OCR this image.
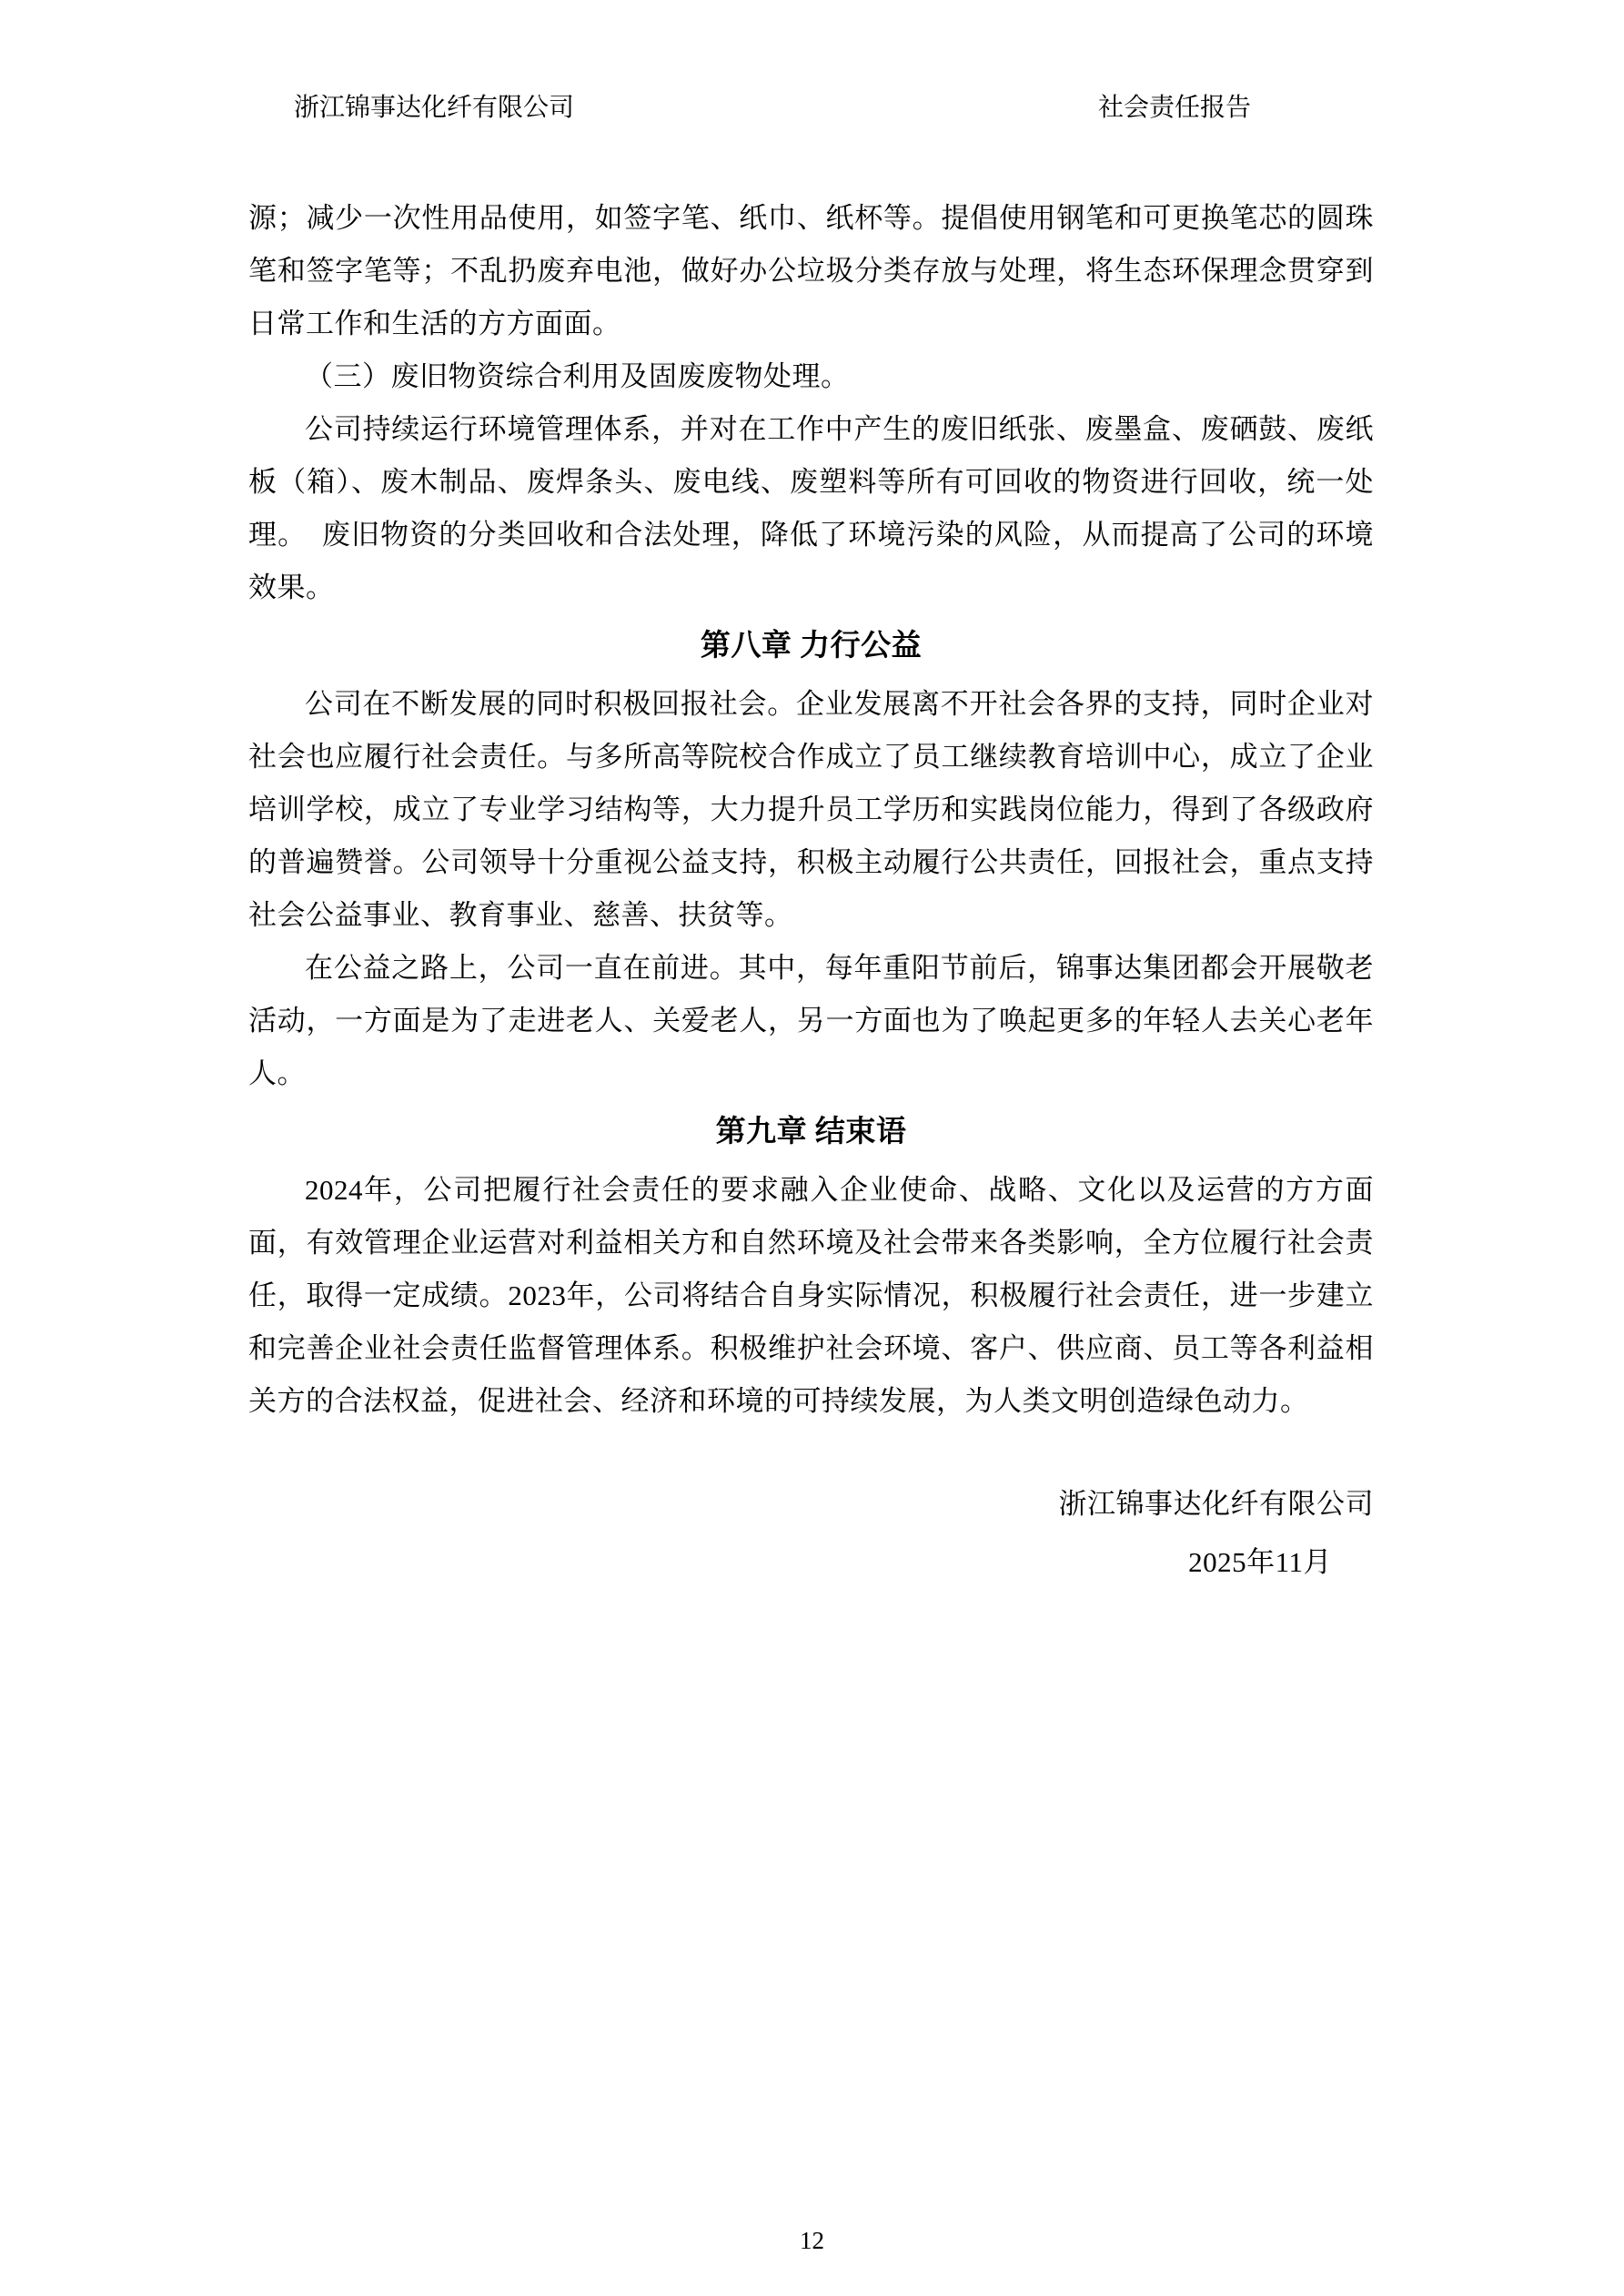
浙江锦事达化纤有限公司	社会责任报告

源；减少一次性用品使用，如签字笔、纸巾、纸杯等。提倡使用钢笔和可更换笔芯的圆珠笔和签字笔等；不乱扔废弃电池，做好办公垃圾分类存放与处理，将生态环保理念贯穿到日常工作和生活的方方面面。

（三）废旧物资综合利用及固废废物处理。

公司持续运行环境管理体系，并对在工作中产生的废旧纸张、废墨盒、废硒鼓、废纸板（箱）、废木制品、废焊条头、废电线、废塑料等所有可回收的物资进行回收，统一处理。　废旧物资的分类回收和合法处理，降低了环境污染的风险，从而提高了公司的环境效果。

第八章 力行公益

公司在不断发展的同时积极回报社会。企业发展离不开社会各界的支持，同时企业对社会也应履行社会责任。与多所高等院校合作成立了员工继续教育培训中心，成立了企业培训学校，成立了专业学习结构等，大力提升员工学历和实践岗位能力，得到了各级政府的普遍赞誉。公司领导十分重视公益支持，积极主动履行公共责任，回报社会，重点支持社会公益事业、教育事业、慈善、扶贫等。

在公益之路上，公司一直在前进。其中，每年重阳节前后，锦事达集团都会开展敬老活动，一方面是为了走进老人、关爱老人，另一方面也为了唤起更多的年轻人去关心老年人。

第九章 结束语

2024年，公司把履行社会责任的要求融入企业使命、战略、文化以及运营的方方面面，有效管理企业运营对利益相关方和自然环境及社会带来各类影响，全方位履行社会责任，取得一定成绩。2023年，公司将结合自身实际情况，积极履行社会责任，进一步建立和完善企业社会责任监督管理体系。积极维护社会环境、客户、供应商、员工等各利益相关方的合法权益，促进社会、经济和环境的可持续发展，为人类文明创造绿色动力。

浙江锦事达化纤有限公司
2025年11月
12
